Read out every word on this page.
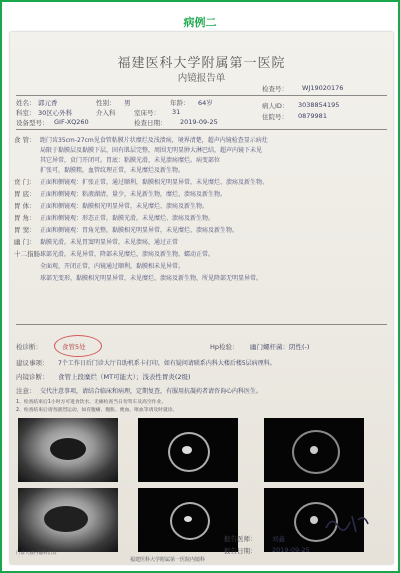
病例二
福建医科大学附属第一医院
内镜报告单
检查号： WJ19020176
姓名： 郭元香	性别： 男	年龄： 64岁	病人ID： 3038854195
科室： 30区心外科	介入科	室床号： 31
住院号： 0879981
设备型号： GIF-XQ260	检查日期： 2019-09-25
食 管： 距门齿35cm-27cm见食管粘膜片状糜烂及浅溃疡，境界清楚，超声内镜检查显示病灶
局限于黏膜层及黏膜下层，固有肌层完整，周围无明显肿大淋巴结，超声内镜下未见
其它异常，贲门开闭可。胃底：粘膜光滑，未见溃疡糜烂。病变部位
扩张可，黏膜粗，血管纹理正常，未见糜烂及新生物。
贲 门： 正面和侧镜观：扩张正常，通过顺利，黏膜相光明显异常，未见糜烂、溃疡及新生物。
胃 底： 正面和侧镜观：粘液湖清，量少，未见新生物，糜烂、溃疡及新生物。
胃 体： 正面和侧镜观：黏膜相光明显异常，未见糜烂、溃疡及新生物。
胃 角： 正面和侧镜观：形态正常，黏膜光滑，未见糜烂、溃疡及新生物。
胃 窦： 正面和侧镜观：胃角光整，黏膜相光明显异常，未见糜烂、溃疡及新生物。
幽 门： 黏膜光滑，未见胃窦明显异常，未见溃疡，通过正常
十二指肠：
球部光滑，未见异常，降部未见糜烂，溃疡及新生物，蠕动正常。
全面观，开闭正常，内镜通过顺利，黏膜相未见异常。
球部无变形，黏膜相光明显异常，未见糜烂、溃疡及新生物，所见降部无明显异常。
检诊断：	食管5处	Hp检验： 幽门螺杆菌：阴性(-)
建议事项： 7个工作日后门诊大厅自助机系卡打印，如有疑问请联系内科大楼后楼5层病理科。
内镜诊断： 食管上段糜烂（MT可能大）；浅表性胃炎(2级)
注意： 交代注意事项，请结合临床和病理，定期复查，有服用抗凝药者请咨询心内科医生。
1、检查结束后1小时方可进食饮水，无痛检查当日勿驾车及高空作业。
2、检查结束后请勿剧烈运动，如有腹痛、腹胀、便血、呕血等请及时就诊。
报告医师： 刘鑫
报告日期： 2019-09-25
门诊大楼内镜科出具
福建医科大学附属第一医院内镜科
